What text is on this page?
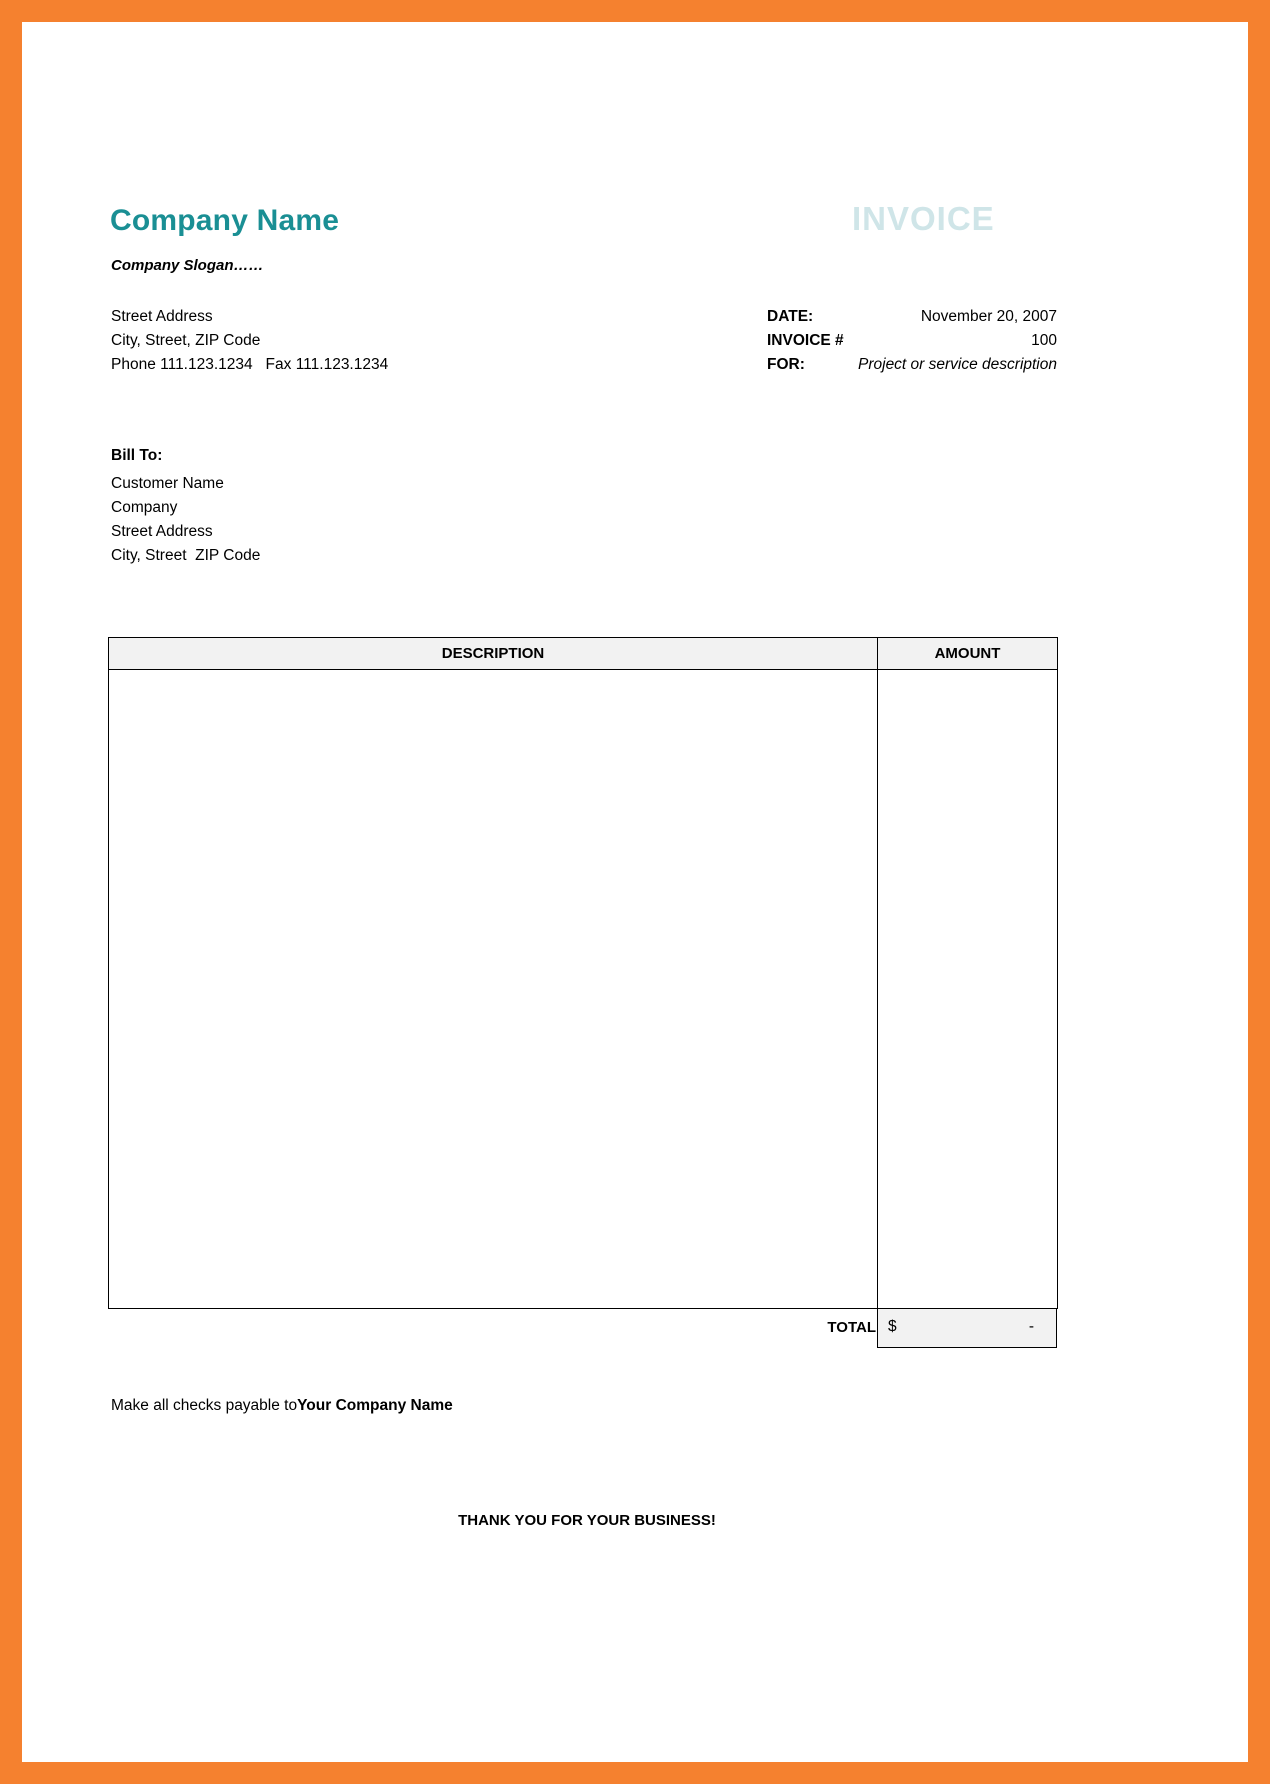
Company Name	INVOICE
Company Slogan……
Street Address
City, Street, ZIP Code
Phone 111.123.1234   Fax 111.123.1234
DATE:	November 20, 2007
INVOICE #	100
FOR:	Project or service description
Bill To:
Customer Name
Company
Street Address
City, Street  ZIP Code
DESCRIPTION	AMOUNT
TOTAL $	-
Make all checks payable toYour Company Name
THANK YOU FOR YOUR BUSINESS!
